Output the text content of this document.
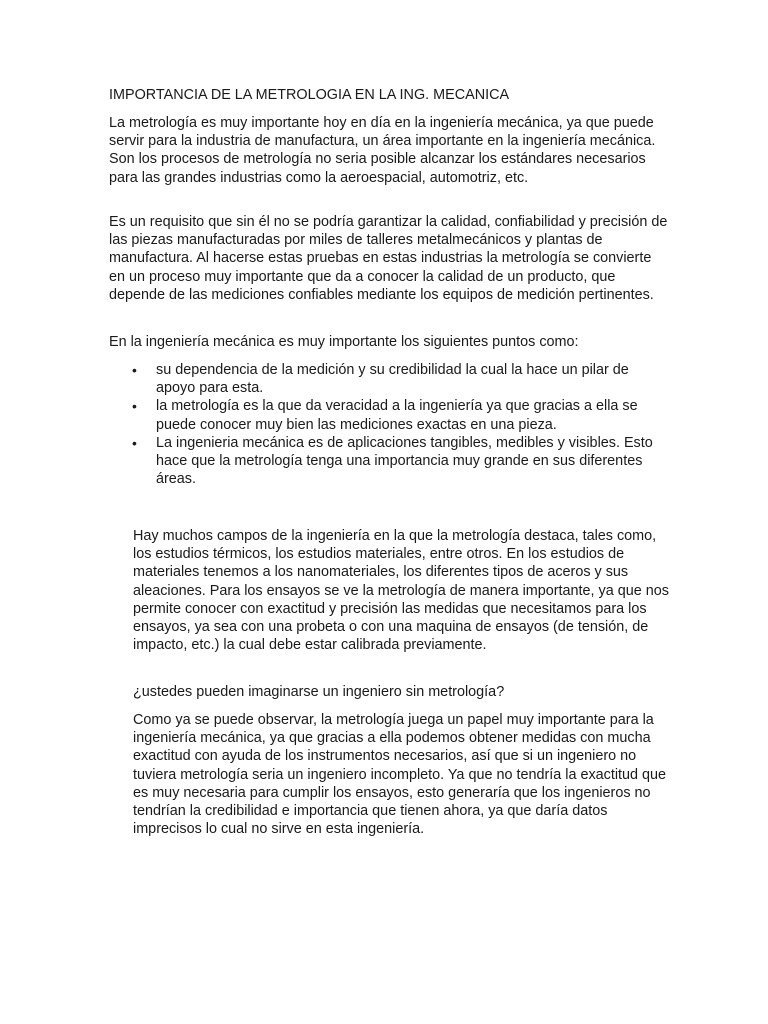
IMPORTANCIA DE LA METROLOGIA EN LA ING. MECANICA

La metrología es muy importante hoy en día en la ingeniería mecánica, ya que puede servir para la industria de manufactura, un área importante en la ingeniería mecánica. Son los procesos de metrología no seria posible alcanzar los estándares necesarios para las grandes industrias como la aeroespacial, automotriz, etc.

Es un requisito que sin él no se podría garantizar la calidad, confiabilidad y precisión de las piezas manufacturadas por miles de talleres metalmecánicos y plantas de manufactura. Al hacerse estas pruebas en estas industrias la metrología se convierte en un proceso muy importante que da a conocer la calidad de un producto, que depende de las mediciones confiables mediante los equipos de medición pertinentes.

En la ingeniería mecánica es muy importante los siguientes puntos como:

• su dependencia de la medición y su credibilidad la cual la hace un pilar de apoyo para esta.
• la metrología es la que da veracidad a la ingeniería ya que gracias a ella se puede conocer muy bien las mediciones exactas en una pieza.
• La ingenieria mecánica es de aplicaciones tangibles, medibles y visibles. Esto hace que la metrología tenga una importancia muy grande en sus diferentes áreas.

Hay muchos campos de la ingeniería en la que la metrología destaca, tales como, los estudios térmicos, los estudios materiales, entre otros. En los estudios de materiales tenemos a los nanomateriales, los diferentes tipos de aceros y sus aleaciones. Para los ensayos se ve la metrología de manera importante, ya que nos permite conocer con exactitud y precisión las medidas que necesitamos para los ensayos, ya sea con una probeta o con una maquina de ensayos (de tensión, de impacto, etc.) la cual debe estar calibrada previamente.

¿ustedes pueden imaginarse un ingeniero sin metrología?

Como ya se puede observar, la metrología juega un papel muy importante para la ingeniería mecánica, ya que gracias a ella podemos obtener medidas con mucha exactitud con ayuda de los instrumentos necesarios, así que si un ingeniero no tuviera metrología seria un ingeniero incompleto. Ya que no tendría la exactitud que es muy necesaria para cumplir los ensayos, esto generaría que los ingenieros no tendrían la credibilidad e importancia que tienen ahora, ya que daría datos imprecisos lo cual no sirve en esta ingeniería.
